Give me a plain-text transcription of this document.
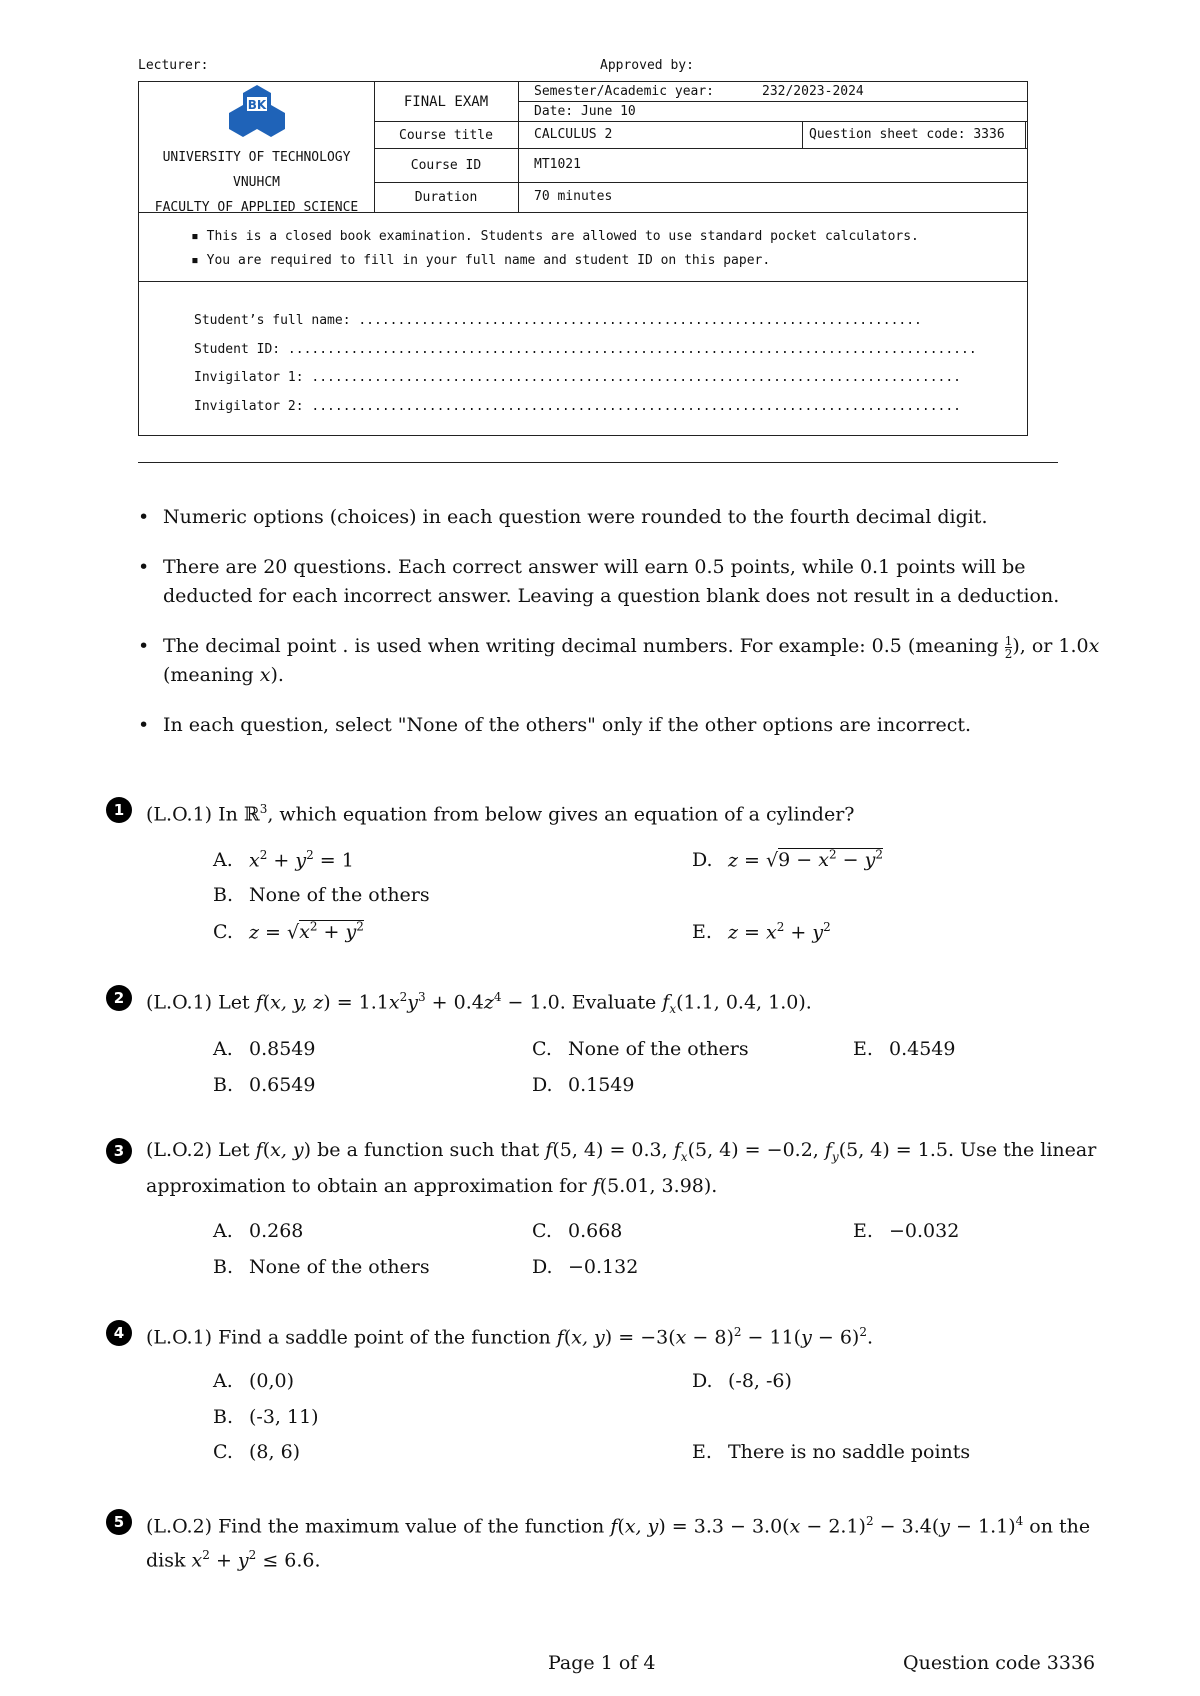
Lecturer:	Approved by:
BK
UNIVERSITY OF TECHNOLOGY
VNUHCM
FACULTY OF APPLIED SCIENCE
FINAL EXAM
Semester/Academic year:	232/2023-2024
Date: June 10
Course title	CALCULUS 2	Question sheet code: 3336
Course ID	MT1021
Duration	70 minutes
▪ This is a closed book examination. Students are allowed to use standard pocket calculators.
▪ You are required to fill in your full name and student ID on this paper.
Student’s full name: ........................................................................
Student ID: ........................................................................................
Invigilator 1: ...................................................................................
Invigilator 2: ...................................................................................
• Numeric options (choices) in each question were rounded to the fourth decimal digit.
• There are 20 questions. Each correct answer will earn 0.5 points, while 0.1 points will be deducted for each incorrect answer. Leaving a question blank does not result in a deduction.
• The decimal point . is used when writing decimal numbers. For example: 0.5 (meaning $\frac{1}{2}$ ), or 1.0x (meaning x).
• In each question, select "None of the others" only if the other options are incorrect.
1	(L.O.1) In ℝ$^3$, which equation from below gives an equation of a cylinder?
A. $x^2 + y^2 = 1$	D. $z = √9 - x^2 - y^2$
B. None of the others
C. $z = √x^2 + y^2$	E. $z = x^2 + y^2$
2	(L.O.1) Let f(x, y, $z) = 1.1x^2y^3 + 0.4z^4 - 1.0$. Evaluate $f_x(1.1$, 0.4, 1.0).
A. 0.8549	C. None of the others	E. 0.4549
B. 0.6549	D. 0.1549
3	(L.O.2) Let f(x, y) be a function such that f(5, 4) = 0.3, $f_x(5$, 4) = −0.2, $f_y(5$, 4) = 1.5. Use the linear approximation to obtain an approximation for f(5.01, 3.98).
A. 0.268	C. 0.668	E. −0.032
B. None of the others	D. −0.132
4	(L.O.1) Find a saddle point of the function f(x, $y) = -3(x - 8)^2 - 11(y - 6)^2$.
A. (0,0)	D. (-8, -6)
B. (-3, 11)
C. (8, 6)	E. There is no saddle points
5	(L.O.2) Find the maximum value of the function f(x, $y) = 3.3 - 3.0(x - 2.1)^2 - 3.4(y - 1.1)^4$ on the disk $x^2 + y^2 \le 6.6$.
Page 1 of 4	Question code 3336
